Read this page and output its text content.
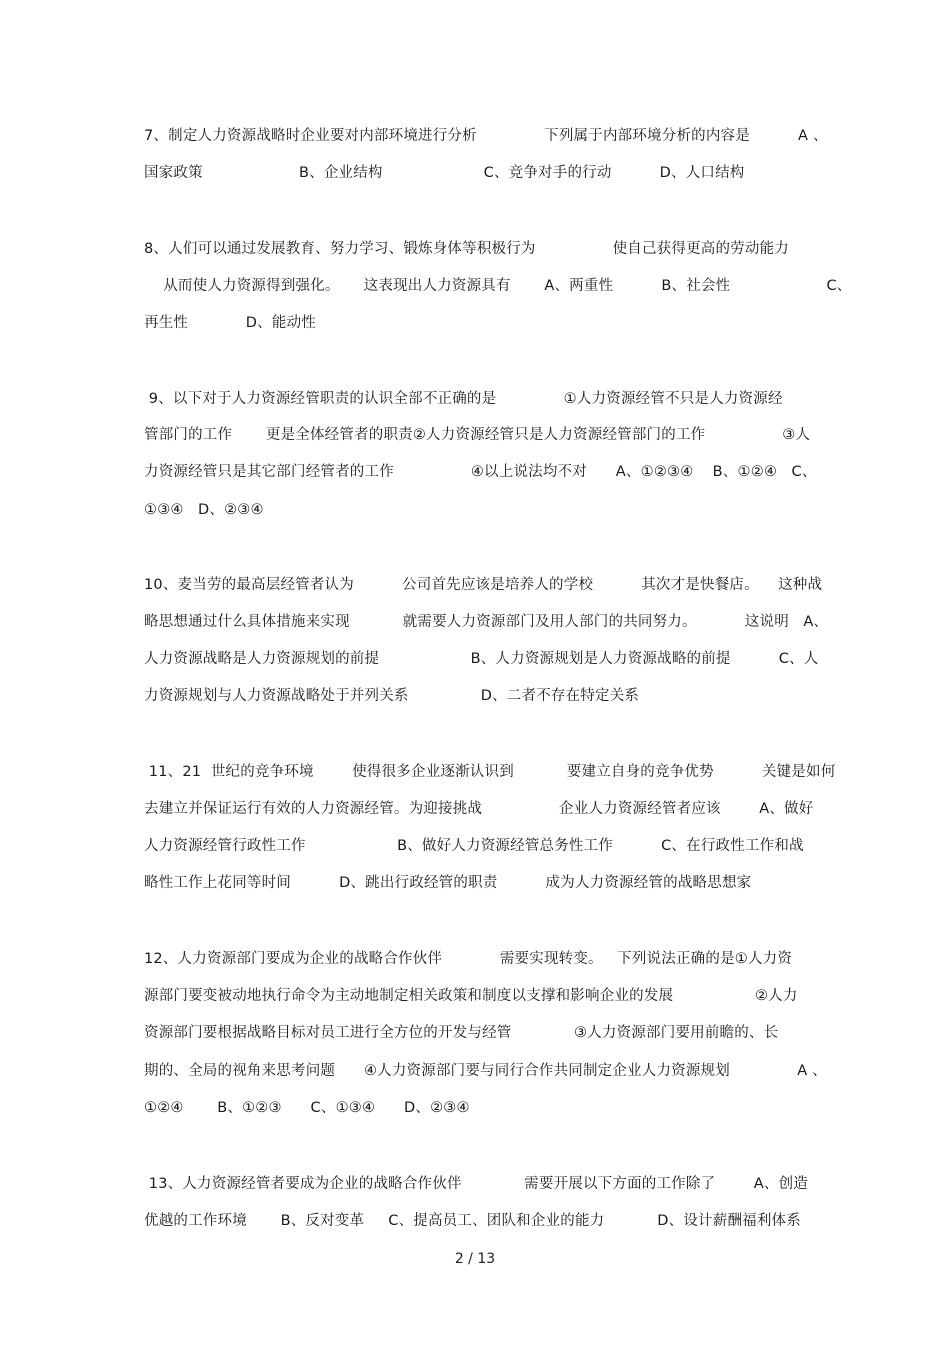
7、制定人力资源战略时企业要对内部环境进行分析              下列属于内部环境分析的内容是          A 、
国家政策                    B、企业结构                     C、竞争对手的行动          D、人口结构
8、人们可以通过发展教育、努力学习、锻炼身体等积极行为                使自己获得更高的劳动能力
从而使人力资源得到强化。     这表现出人力资源具有       A、两重性          B、社会性                    C、
再生性            D、能动性
9、以下对于人力资源经管职责的认识全部不正确的是              ①人力资源经管不只是人力资源经
管部门的工作       更是全体经管者的职责②人力资源经管只是人力资源经管部门的工作                ③人
力资源经管只是其它部门经管者的工作                ④以上说法均不对      A、①②③④    B、①②④   C、
①③④   D、②③④
10、麦当劳的最高层经管者认为          公司首先应该是培养人的学校          其次才是快餐店。    这种战
略思想通过什么具体措施来实现           就需要人力资源部门及用人部门的共同努力。          这说明   A、
人力资源战略是人力资源规划的前提                   B、人力资源规划是人力资源战略的前提          C、人
力资源规划与人力资源战略处于并列关系               D、二者不存在特定关系
11、21  世纪的竞争环境        使得很多企业逐渐认识到           要建立自身的竞争优势          关键是如何
去建立并保证运行有效的人力资源经管。为迎接挑战                企业人力资源经管者应该        A、做好
人力资源经管行政性工作                   B、做好人力资源经管总务性工作          C、在行政性工作和战
略性工作上花同等时间          D、跳出行政经管的职责          成为人力资源经管的战略思想家
12、人力资源部门要成为企业的战略合作伙伴            需要实现转变。   下列说法正确的是①人力资
源部门要变被动地执行命令为主动地制定相关政策和制度以支撑和影响企业的发展                 ②人力
资源部门要根据战略目标对员工进行全方位的开发与经管             ③人力资源部门要用前瞻的、长
期的、全局的视角来思考问题      ④人力资源部门要与同行合作共同制定企业人力资源规划              A 、
①②④       B、①②③      C、①③④      D、②③④
13、人力资源经管者要成为企业的战略合作伙伴             需要开展以下方面的工作除了        A、创造
优越的工作环境       B、反对变革     C、提高员工、团队和企业的能力           D、设计薪酬福利体系
2 / 13
